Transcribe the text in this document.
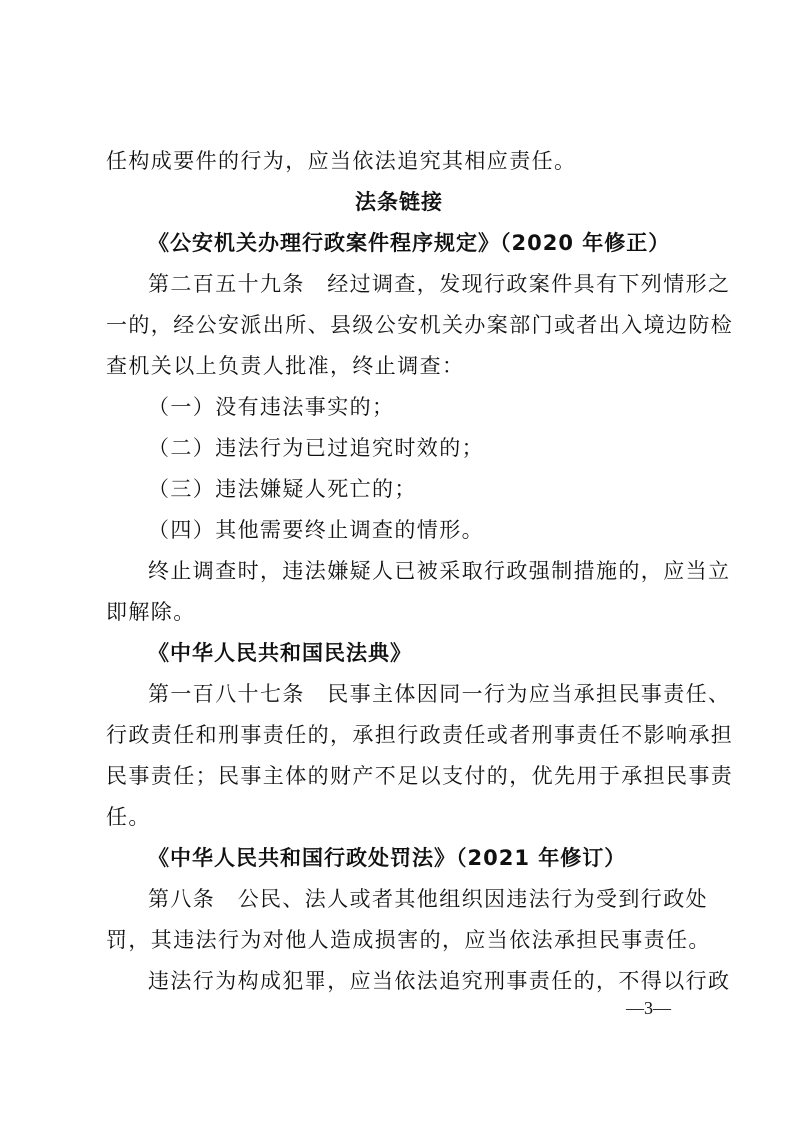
任构成要件的行为，应当依法追究其相应责任。
法条链接
《公安机关办理行政案件程序规定》（2020 年修正）
第二百五十九条　经过调查，发现行政案件具有下列情形之
一的，经公安派出所、县级公安机关办案部门或者出入境边防检
查机关以上负责人批准，终止调查：
（一）没有违法事实的；
（二）违法行为已过追究时效的；
（三）违法嫌疑人死亡的；
（四）其他需要终止调查的情形。
终止调查时，违法嫌疑人已被采取行政强制措施的，应当立
即解除。
《中华人民共和国民法典》
第一百八十七条　民事主体因同一行为应当承担民事责任、
行政责任和刑事责任的，承担行政责任或者刑事责任不影响承担
民事责任；民事主体的财产不足以支付的，优先用于承担民事责
任。
《中华人民共和国行政处罚法》（2021 年修订）
第八条　公民、法人或者其他组织因违法行为受到行政处
罚，其违法行为对他人造成损害的，应当依法承担民事责任。
违法行为构成犯罪，应当依法追究刑事责任的，不得以行政
—3—
